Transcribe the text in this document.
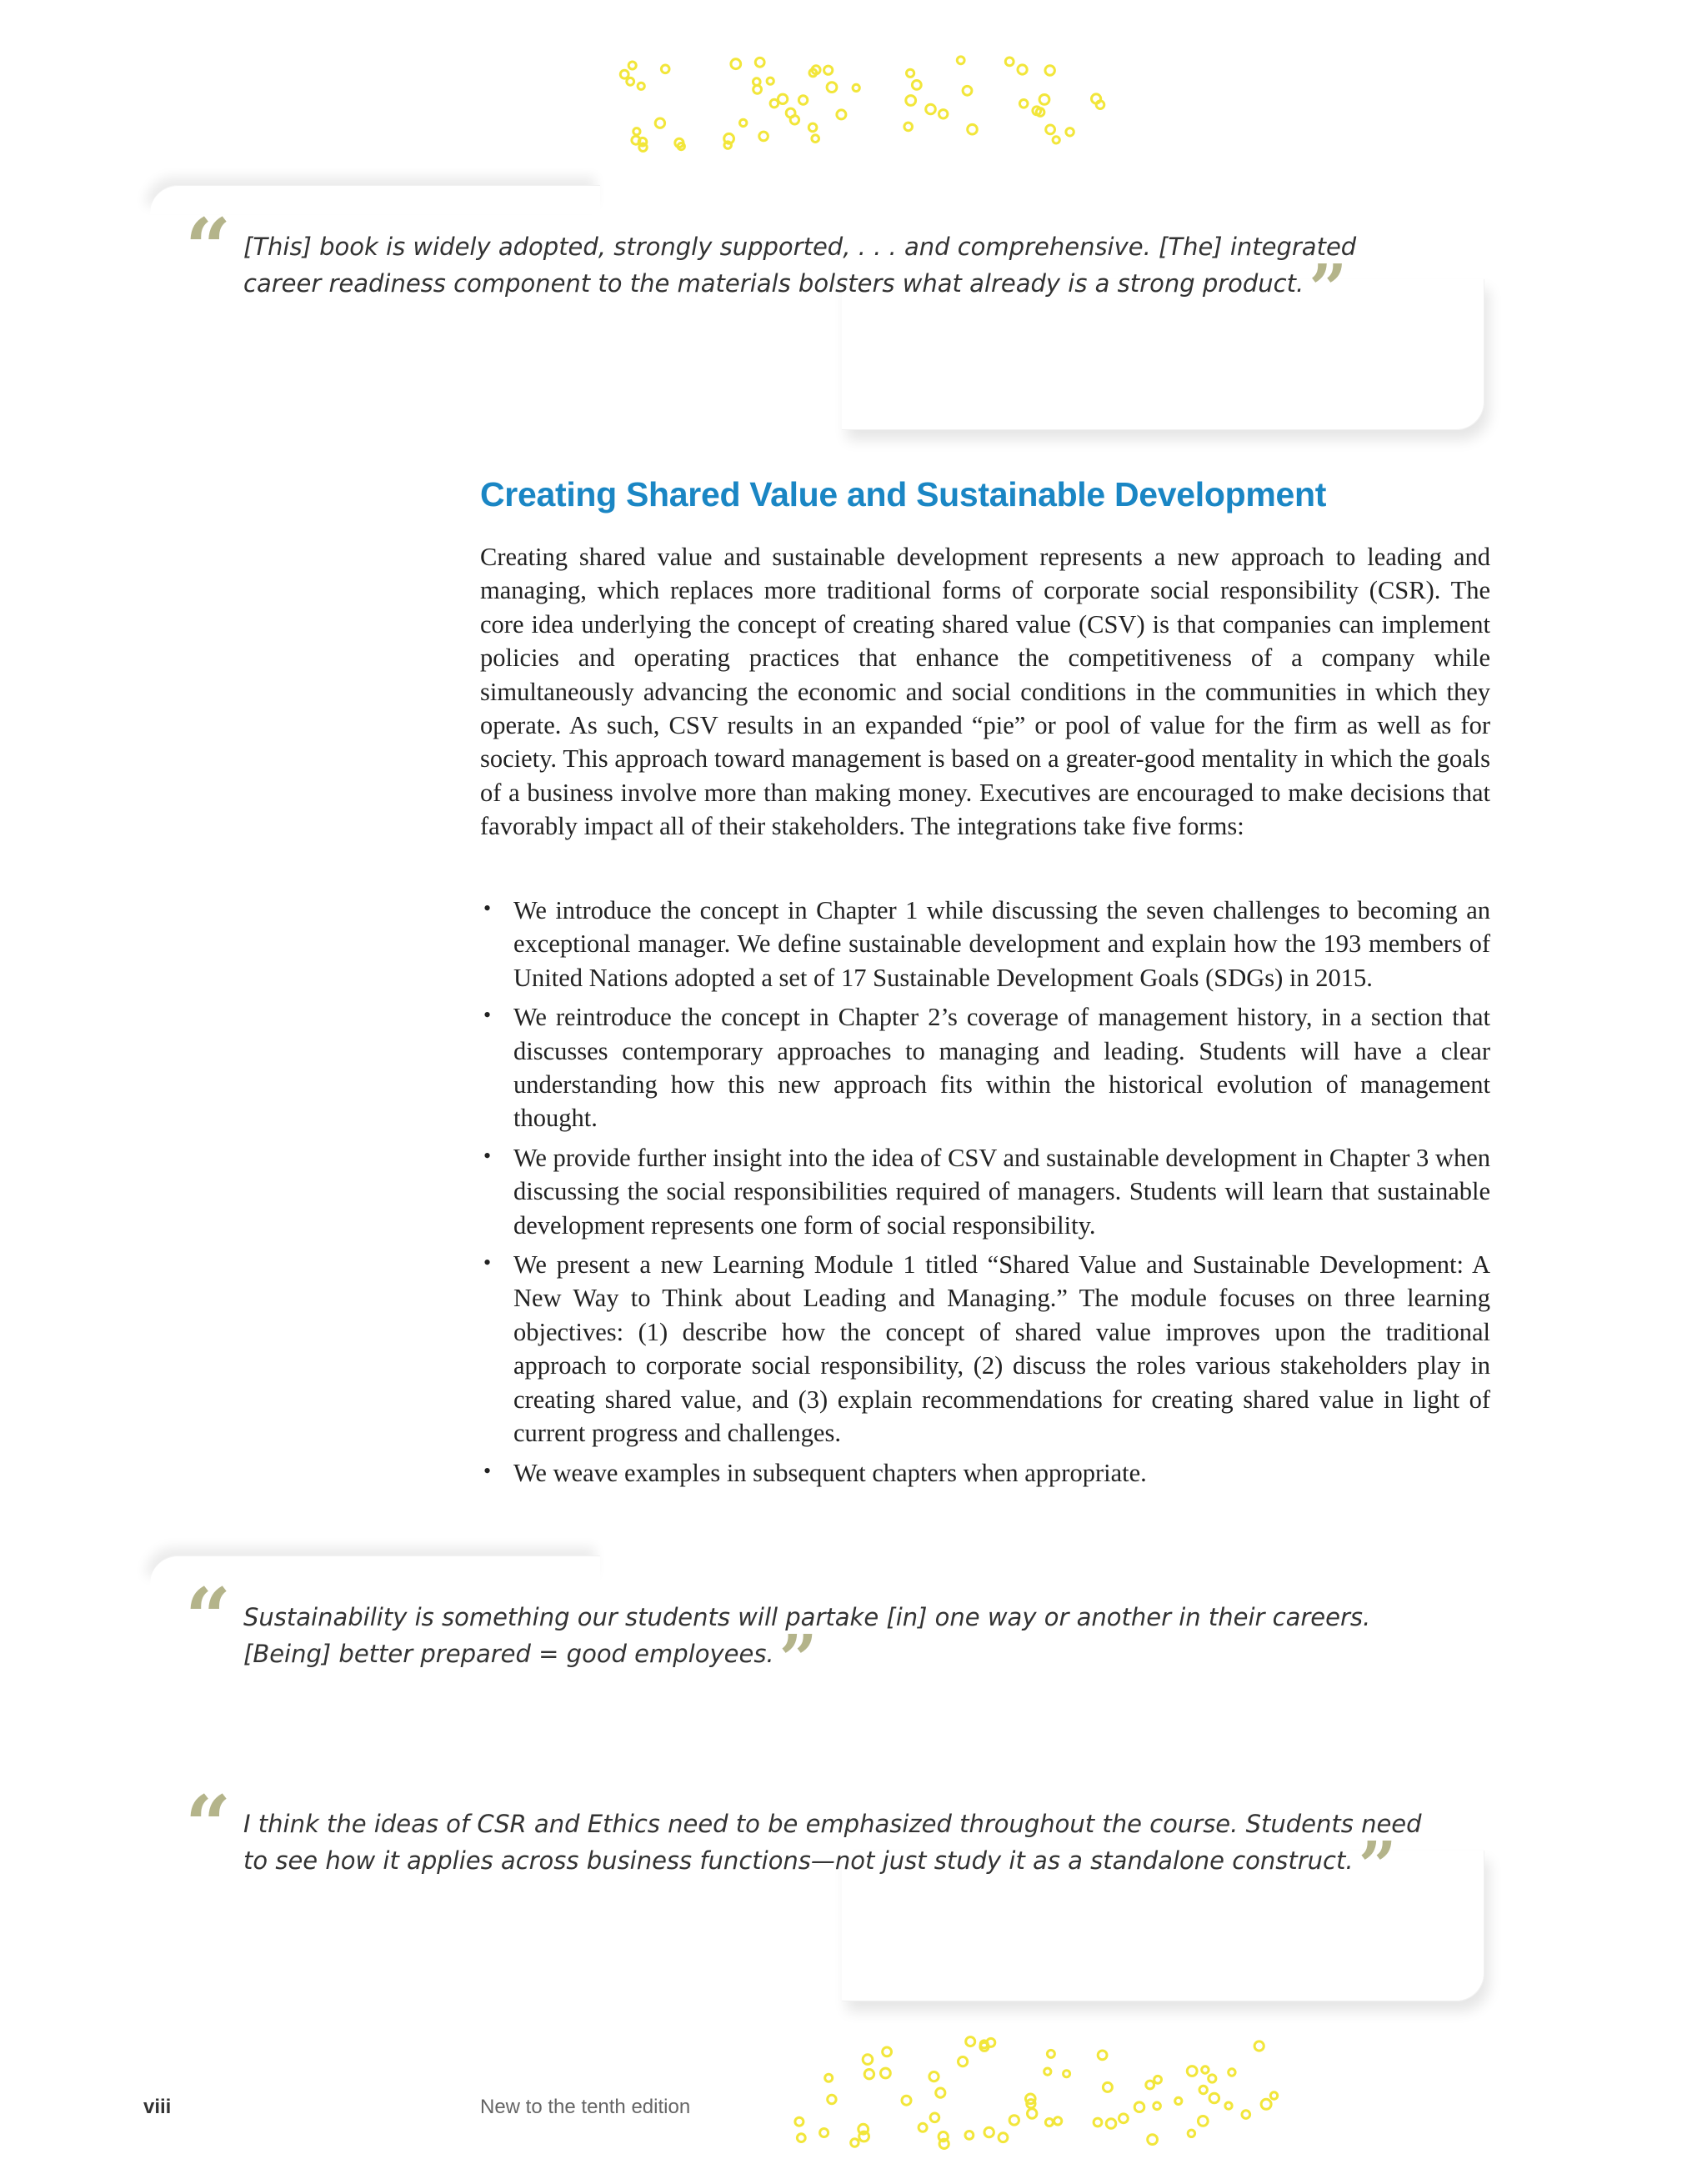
“ [This] book is widely adopted, strongly supported, . . . and comprehensive. [The] integrated career readiness component to the materials bolsters what already is a strong product.”
Creating Shared Value and Sustainable Development
Creating shared value and sustainable development represents a new approach to leading and managing, which replaces more traditional forms of corporate social responsibility (CSR). The core idea underlying the concept of creating shared value (CSV) is that companies can implement policies and operating practices that enhance the competitiveness of a company while simultaneously advancing the economic and social conditions in the communities in which they operate. As such, CSV results in an expanded “pie” or pool of value for the firm as well as for society. This approach toward management is based on a greater-good mentality in which the goals of a business involve more than making money. Executives are encouraged to make decisions that favorably impact all of their stakeholders. The integrations take five forms:
• We introduce the concept in Chapter 1 while discussing the seven challenges to becoming an exceptional manager. We define sustainable development and explain how the 193 members of United Nations adopted a set of 17 Sustainable Development Goals (SDGs) in 2015.
• We reintroduce the concept in Chapter 2’s coverage of management history, in a section that discusses contemporary approaches to managing and leading. Students will have a clear understanding how this new approach fits within the historical evolution of management thought.
• We provide further insight into the idea of CSV and sustainable development in Chapter 3 when discussing the social responsibilities required of managers. Students will learn that sustainable development represents one form of social responsibility.
• We present a new Learning Module 1 titled “Shared Value and Sustainable Development: A New Way to Think about Leading and Managing.” The module focuses on three learning objectives: (1) describe how the concept of shared value improves upon the traditional approach to corporate social responsibility, (2) discuss the roles various stakeholders play in creating shared value, and (3) explain recommendations for creating shared value in light of current progress and challenges.
• We weave examples in subsequent chapters when appropriate.
“ Sustainability is something our students will partake [in] one way or another in their careers. [Being] better prepared = good employees.”
“ I think the ideas of CSR and Ethics need to be emphasized throughout the course. Students need to see how it applies across business functions—not just study it as a standalone construct.”
viii	New to the tenth edition
